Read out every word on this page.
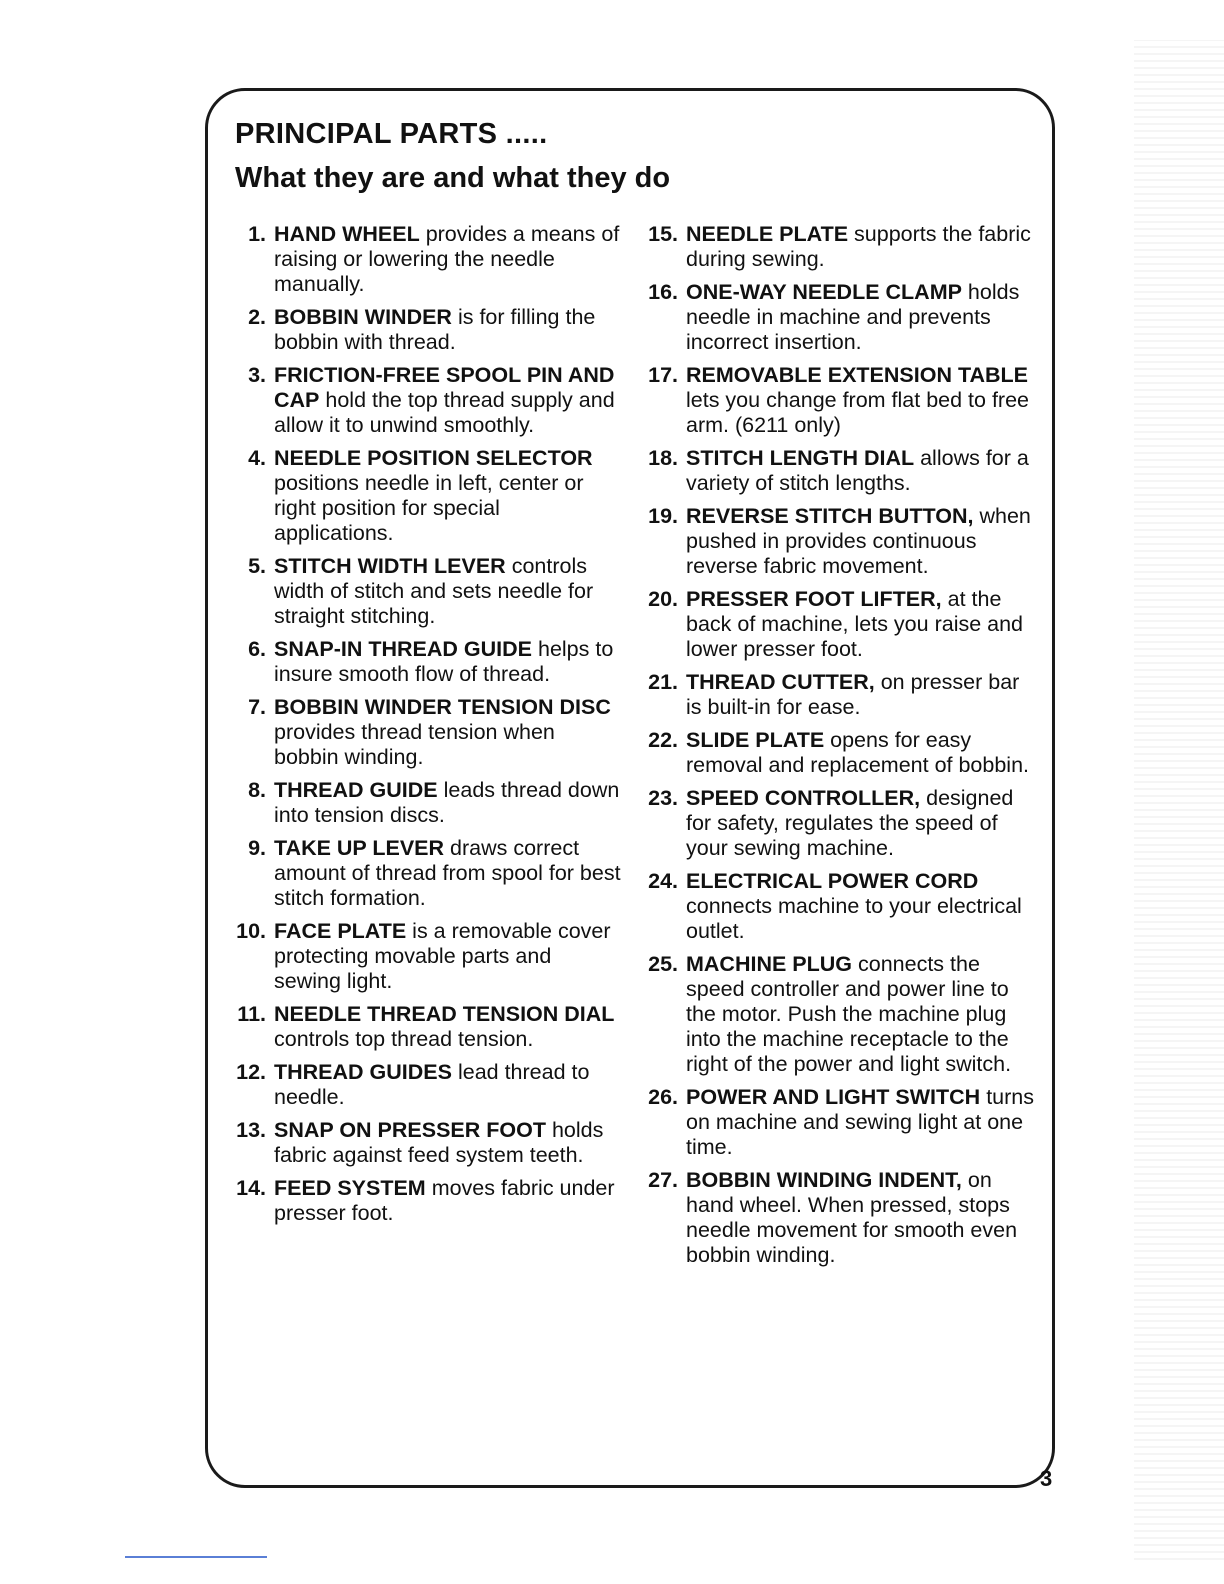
PRINCIPAL PARTS .....
What they are and what they do
1. HAND WHEEL provides a means of raising or lowering the needle manually.
2. BOBBIN WINDER is for filling the bobbin with thread.
3. FRICTION-FREE SPOOL PIN AND CAP hold the top thread supply and allow it to unwind smoothly.
4. NEEDLE POSITION SELECTOR positions needle in left, center or right position for special applications.
5. STITCH WIDTH LEVER controls width of stitch and sets needle for straight stitching.
6. SNAP-IN THREAD GUIDE helps to insure smooth flow of thread.
7. BOBBIN WINDER TENSION DISC provides thread tension when bobbin winding.
8. THREAD GUIDE leads thread down into tension discs.
9. TAKE UP LEVER draws correct amount of thread from spool for best stitch formation.
10. FACE PLATE is a removable cover protecting movable parts and sewing light.
11. NEEDLE THREAD TENSION DIAL controls top thread tension.
12. THREAD GUIDES lead thread to needle.
13. SNAP ON PRESSER FOOT holds fabric against feed system teeth.
14. FEED SYSTEM moves fabric under presser foot.
15. NEEDLE PLATE supports the fabric during sewing.
16. ONE-WAY NEEDLE CLAMP holds needle in machine and prevents incorrect insertion.
17. REMOVABLE EXTENSION TABLE lets you change from flat bed to free arm. (6211 only)
18. STITCH LENGTH DIAL allows for a variety of stitch lengths.
19. REVERSE STITCH BUTTON, when pushed in provides continuous reverse fabric movement.
20. PRESSER FOOT LIFTER, at the back of machine, lets you raise and lower presser foot.
21. THREAD CUTTER, on presser bar is built-in for ease.
22. SLIDE PLATE opens for easy removal and replacement of bobbin.
23. SPEED CONTROLLER, designed for safety, regulates the speed of your sewing machine.
24. ELECTRICAL POWER CORD connects machine to your electrical outlet.
25. MACHINE PLUG connects the speed controller and power line to the motor. Push the machine plug into the machine receptacle to the right of the power and light switch.
26. POWER AND LIGHT SWITCH turns on machine and sewing light at one time.
27. BOBBIN WINDING INDENT, on hand wheel. When pressed, stops needle movement for smooth even bobbin winding.
3
